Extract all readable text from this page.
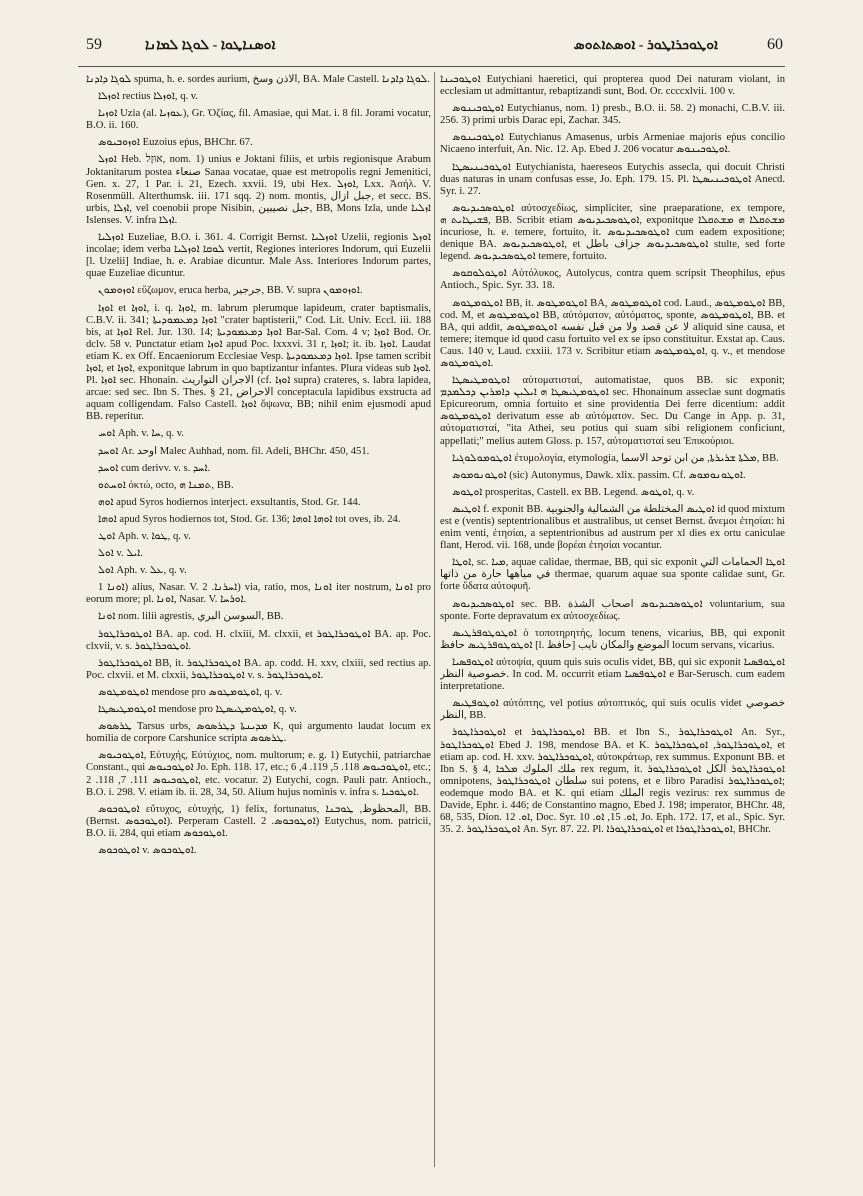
59	ܐܘܣܢܐܛܘܐ - ܠܘܓܐ ܠܡܐܢܐ	ܐܘܛܘܟܪܐܛܘܪ - ܐܘܣܬܐܬܘܣ	60

ܠܘܓܐ ܕܐܕܢܐ spuma, h. e. sordes aurium, الاذن وسخ, BA. Male Castell. ܠܘܓܐ ܕܐܕܢܐ.

ܐܘܙܠܐ rectius ܐܘܙܠܐ, q. v.

ܐܘܙܝܐ Uzia (al. ܥܘܙܝܐ), Gr. Ὀζίας, fil. Amasiae, qui Mat. i. 8 fil. Jorami vocatur, B.O. ii. 160.

ܐܘܙܘܒܝܘܣ Euzoius eṕus, BHChr. 67.

ܐܘܙܠ Heb. אוּזָל, nom. 1) unius e Joktani filiis, et urbis regionisque Arabum Joktanitarum postea صنعاء Sanaa vocatae, quae est metropolis regni Jemenitici, Gen. x. 27, 1 Par. i. 21, Ezech. xxvii. 19, ubi Hex. ܐܘܙܠ, Lxx. Ἀσήλ. V. Rosenmüll. Alterthumsk. iii. 171 sqq. 2) nom. montis, جبل ازال, et secc. BS. urbis, ܐܙܠܐ, vel coenobii prope Nisibin, جبل نصيبين, BB, Mons Izla, unde ܐܙܠܝܐ Islenses. V. infra ܐܙܠܐ.

ܐܘܙܠܝܐ Euzeliae, B.O. i. 361. 4. Corrigit Bernst. ܐܘܙܠܝܐ Uzelii, regionis ܐܘܙܠ incolae; idem verba ܠܘܩܐ ܐܘܙܠܝܐ vertit, Regiones interiores Indorum, qui Euzelii [l. Uzelii] Indiae, h. e. Arabiae dicuntur. Male Ass. Interiores Indorum partes, quae Euzeliae dicuntur.

ܐܘܙܘܡܘܢ εὔζωμον, eruca herba, جرجير, BB. V. supra ܐܘܙܘܡܘܢ.

ܐܘܙܐ et ܐܘܙܐ, i. q. ܐܘܙܐ, m. labrum plerumque lapideum, crater baptismalis, C.B.V. ii. 341; ܐܘܙܐ ܕܡܥܡܘܕܝܬܐ "crater baptisterii," Cod. Lit. Univ. Eccl. iii. 188 bis, at ܐܘܙܐ Rel. Jur. 130. 14; ܐܘܙܐ ܕܡܥܡܘܕܝܬܐ Bar-Sal. Com. 4 v; ܐܘܙܐ Bod. Or. dclv. 58 v. Punctatur etiam ܐܘܙܐ apud Poc. lxxxvi. 31 r, ܐܘܙܐ; it. ib. ܐܘܙܐ. Laudat etiam K. ex Off. Encaeniorum Ecclesiae Vesp. ܐܘܙܐ ܕܡܥܡܘܕܝܬܐ. Ipse tamen scribit ܐܘܙܐ, et ܐܘܙܐ, exponitque labrum in quo baptizantur infantes. Plura videas sub ܐܘܙܐ. Pl. ܐܘܙܐ sec. Hhonain. الاجران التواريث (cf. ܐܘܙܐ supra) crateres, s. labra lapidea, arcae: sed sec. Ibn S. Thes. § 21, الاحراض conceptacula lapidibus exstructa ad aquam colligendam. Falso Castell. ܐܘܙܐ ὄψωνα, BB; nihil enim ejusmodi apud BB. reperitur.

ܐܘܚ Aph. v. ܚܐ, q. v.

ܐܘܚܕ Ar. اوحد Malec Auhhad, nom. fil. Adeli, BHChr. 450, 451.

ܐܘܚܕ cum derivv. v. s. ܐܚܕ.

ܐܘܚܬܘ ὀκτώ, octo, ܬܡܢܐ ܗ, BB.

ܐܘܗ apud Syros hodiernos interject. exsultantis, Stod. Gr. 144.

ܐܘܗܐ apud Syros hodiernos tot, Stod. Gr. 136; ܐܘܗܐ ܐܘܗܐ tot oves, ib. 24.

ܐܘܛ Aph. v. ܛܘܐ, q. v.

ܐܘܠ v. ܐܝܠ.

ܐܘܠ Aph. v. ܥܠ, q. v.

ܐܘܢܐ 1) alius, Nasar. V. ܐܚܪܢܐ. 2) via, ratio, mos, ܐܘܢܐ iter nostrum, ܐܘܢܐ pro eorum more; pl. ܐܘܢܐ, Nasar. V. ܐܘܪܚܐ.

ܐܘܢܐ nom. lilii agrestis, السوسن البري, BB.

ܐܘܛܘܟܪܐܛܘܪ BA. ap. cod. H. clxiii, M. clxxii, et ܐܘܛܘܟܪܐܛܘܪ BA. ap. Poc. clxvii, v. s. ܐܘܛܘܟܪܐܛܘܪ.

ܐܘܛܘܟܪܐܛܘܪ BB, it. ܐܘܛܘܟܪܐܛܘܪ BA. ap. codd. H. xxv, clxiii, sed rectius ap. Poc. clxvii. et M. clxxii, ܐܘܛܘܟܪܐܛܘܪ v. s. ܐܘܛܘܟܪܐܛܘܪ.

ܐܘܛܘܡܛܘܣ mendose pro ܐܘܛܘܡܛܘܣ, q. v.

ܐܘܛܘܡܛܝܣܛܐ mendose pro ܐܘܛܘܡܛܝܣܛܐ, q. v.

ܛܪܣܘܣ Tarsus urbs, ܡܕܝܢܬܐ ܕܛܪܣܘܣ K, qui argumento laudat locum ex homilia de corpore Carshunice scripta ܛܪܣܘܣ.

ܐܘܛܘܟܝܘܣ, Εὐτυχής, Εὐτύχιος, nom. multorum; e. g. 1) Eutychii, patriarchae Constant., qui ܐܘܛܘܟܝܘܣ Jo. Eph. 118. 17, etc.; ܐܘܛܘܟܝܘܣ 118. 5, 119. 4, 6, etc.; ܐܘܛܘܟܝܘܣ 111. 7, 118. 2, etc. vocatur. 2) Eutychi, cogn. Pauli patr. Antioch., B.O. i. 298. V. etiam ib. ii. 28, 34, 50. Alium hujus nominis v. infra s. ܐܘܛܘܟܝܐ.

ܐܘܛܘܟܘܣ εὔτυχος, εὐτυχής, 1) felix, fortunatus, المحظوظ, ܛܘܒܢܐ, BB. (Bernst. ܐܘܛܘܟܘܣ). Perperam Castell. ܐܘܛܘܟܘܣ. 2) Eutychus, nom. patricii, B.O. ii. 284, qui etiam ܐܘܛܘܟܘܣ.

ܐܘܛܘܟܘܣ v. ܐܘܛܘܟܘܣ.

ܐܘܛܘܟܝܢܐ Eutychiani haeretici, qui propterea quod Dei naturam violant, in ecclesiam ut admittantur, rebaptizandi sunt, Bod. Or. ccccxlvii. 100 v.

ܐܘܛܘܟܝܢܘܣ Eutychianus, nom. 1) presb., B.O. ii. 58. 2) monachi, C.B.V. iii. 256. 3) primi urbis Darac epi, Zachar. 345.

ܐܘܛܘܟܝܢܘܣ Eutychianus Amasenus, urbis Armeniae majoris eṕus concilio Nicaeno interfuit, An. Nic. 12. Ap. Ebed J. 206 vocatur ܐܘܛܘܟܝܢܘܣ.

ܐܘܛܘܟܝܢܝܣܛܐ Eutychianista, haereseos Eutychis assecla, qui docuit Christi duas naturas in unam confusas esse, Jo. Eph. 179. 15. Pl. ܐܘܛܘܟܝܢܝܣܛܐ Anecd. Syr. i. 27.

ܐܘܛܘܣܟܝܕܝܘܣ αὐτοσχεδίως, simpliciter, sine praeparatione, ex tempore, ܦܫܝܛܐܝܬ ܗ, BB. Scribit etiam ܐܘܛܘܣܟܝܕܝܘܣ, exponitque ܡܫܬܩܠܐ ܗ ܡܫܬܩܠܐ incuriose, h. e. temere, fortuito, it. ܐܘܛܘܣܟܝܕܝܘܣ cum eadem expositione; denique BA. ܐܘܛܘܣܟܝܕܝܘܣ, et ܐܘܛܘܣܟܝܕܝܘܣ جزاف باطل stulte, sed forte legend. ܐܘܛܘܣܟܝܕܝܘܣ temere, fortuito.

ܐܘܛܘܠܘܩܘܣ Αὐτόλυκος, Autolycus, contra quem scripsit Theophilus, eṕus Antioch., Spic. Syr. 33. 18.

ܐܘܛܘܡܛܘܣ BB, it. ܐܘܛܘܡܛܘܣ BA, ܐܘܛܘܡܛܘܣ cod. Laud., ܐܘܛܘܡܛܘܣ BB, cod. M, et ܐܘܛܘܡܛܘܣ BB, αὐτόματον, αὐτόματος, sponte, ܐܘܛܘܡܛܘܣ, BB. et BA, qui addit, لا عن قصد ولا من قبل نفسه ܐܘܛܘܡܛܘܣ aliquid sine causa, et temere; itemque id quod casu fortuito vel ex se ipso constituitur. Exstat ap. Caus. Caus. 140 v, Laud. cxxiii. 173 v. Scribitur etiam ܐܘܛܘܡܛܘܣ, q. v., et mendose ܐܘܛܘܡܛܘܣ.

ܐܘܛܘܡܛܝܣܛܐ αὐτοματισταί, automatistae, quos BB. sic exponit; ܐܘܛܘܡܛܝܣܛܐ ܗ ܐܝܠܝܢ ܕܐܡܪܝܢ ܕܟܠܡܕܡ sec. Hhonainum asseclae sunt dogmatis Epicureorum, omnia fortuito et sine providentia Dei ferre dicentium: addit ܐܘܛܘܡܛܘܣ derivatum esse ab αὐτόματον. Sec. Du Cange in App. p. 31, αὐτοματισταί, "ita Athei, seu potius qui suam sibi religionem conficiunt, appellati;" melius autem Gloss. p. 157, αὐτοματισταί seu Ἐπικούριοι.

ܐܘܛܘܡܘܠܘܓܝܐ ἐτυμολογία, etymologia, ܡܠܬܐ ܫܪܝܪܬܐ, من ابن توحد الاسما, BB.

ܐܘܛܘܢܘܡܘܣ (sic) Autonymus, Dawk. xlix. passim. Cf. ܐܘܛܘܢܘܡܘܣ.

ܐܘܛܘܣ prosperitas, Castell. ex BB. Legend. ܐܘܛܘܣ, q. v.

ܐܘܛܝܣ f. exponit BB. ܐܘܛܝܣ المختلطة من الشمالية والجنوبية id quod mixtum est e (ventis) septentrionalibus et australibus, ut censet Bernst. ἄνεμοι ἐτησίαι: hi enim venti, ἐτησίαι, a septentrionibus ad austrum per xl dies ex ortu caniculae flant, Herod. vii. 168, unde βορέαι ἐτησίαι vocantur.

ܐܘܛܐ, sc. ܡܝܐ, aquae calidae, thermae, BB, qui sic exponit ܐܘܛܐ الحمامات التي في مياهها حارة من ذاتها thermae, quarum aquae sua sponte calidae sunt, Gr. forte ὕδατα αὐτοφυῆ.

ܐܘܛܘܣܟܝܕܝܘܣ sec. BB. ܐܘܛܘܣܟܝܕܝܘܣ اصحاب الشذة voluntarium, sua sponte. Forte depravatum ex αὐτοσχεδίως.

ܐܘܛܘܛܘܦܪܛܝܣ ὁ τοποτηρητής, locum tenens, vicarius, BB, qui exponit ܐܘܛܘܛܘܦܪܛܝܣ حافظ [l. حافظ] الموضع والمكان نايب locum servans, vicarius.

ܐܘܛܘܦܣܝܐ αὐτοψία, quum quis suis oculis videt, BB, qui sic exponit ܐܘܛܘܦܣܝܐ خصوصية النظر. In cod. M. occurrit etiam ܐܘܛܘܦܣܝܐ e Bar-Serusch. cum eadem interpretatione.

ܐܘܛܘܦܛܝܣ αὐτόπτης, vel potius αὐτοπτικός, qui suis oculis videt خصوصي النظر, BB.

ܐܘܛܘܟܪܐܛܘܪ et ܐܘܛܘܟܪܐܛܘܪ BB. et Ibn S., ܐܘܛܘܟܪܐܛܘܪ An. Syr., ܐܘܛܘܟܪܐܛܘܪ Ebed J. 198, mendose BA. et K. ܐܘܛܘܟܪܐܛܘܪ, ܐܘܛܘܟܪܐܛܘܪ, et etiam ap. cod. H. xxv. ܐܘܛܘܟܪܐܛܘܪ, αὐτοκράτωρ, rex summus. Exponunt BB. et Ibn S. § 4, ملك الملوك ܡܠܟܐ rex regum, it. ܐܘܛܘܟܪܐܛܘܪ الكل ܐܘܛܘܟܪܐܛܘܪ omnipotens, سلطان ܐܘܛܘܟܪܐܛܘܪ sui potens, et e libro Paradisi ܐܘܛܘܟܪܐܛܘܪ; eodemque modo BA. et K. qui etiam الملك regis vezirus: rex summus de Davide, Ephr. i. 446; de Constantino magno, Ebed J. 198; imperator, BHChr. 48, 68, 535, Dion. ܐܘ. 12, Doc. Syr. ܐܘ. 15, ܐܘ. 10, Jo. Eph. 172. 17, et al., Spic. Syr. 35. 2. ܐܘܛܘܟܪܐܛܘܪ An. Syr. 87. 22. Pl. ܐܘܛܘܟܪܐܛܘܪܐ et ܐܘܛܘܟܪܐܛܘܪܐ, BHChr.
